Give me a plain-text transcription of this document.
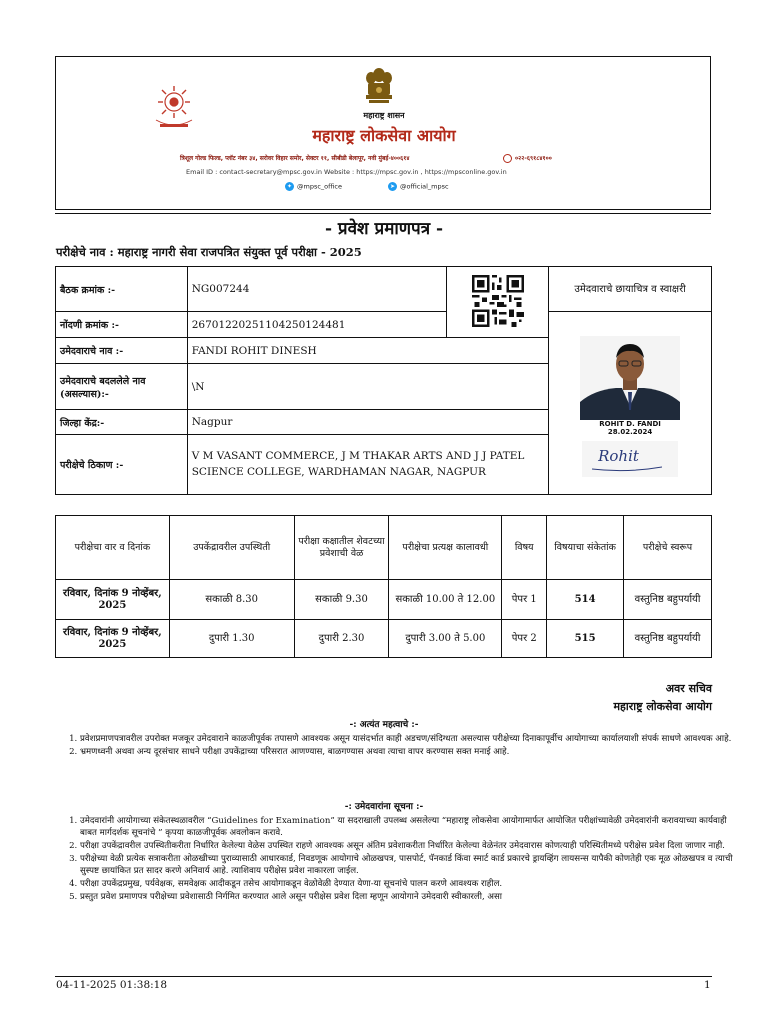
महाराष्ट्र शासन
महाराष्ट्र लोकसेवा आयोग
त्रिशूल गोल्ड फिल्ड, प्लॉट नंबर ३४, सरोवर विहार समोर, सेक्टर ११, सीबीडी बेलापूर, नवी मुंबई-४००६१४	०२२-६९१८४१००
Email ID : contact-secretary@mpsc.gov.in Website : https://mpsc.gov.in , https://mpsconline.gov.in
✦ @mpsc_office	➤ @official_mpsc
- प्रवेश प्रमाणपत्र -
परीक्षेचे नाव : महाराष्ट्र नागरी सेवा राजपत्रित संयुक्त पूर्व परीक्षा - 2025
बैठक क्रमांक :-	NG007244		उमेदवाराचे छायाचित्र व स्वाक्षरी
नोंदणी क्रमांक :-	2670122025110425012448​1		ROHIT D. FANDI
28.02.2024
Rohit

उमेदवाराचे नाव :-	FANDI ROHIT DINESH		
उमेदवाराचे बदललेले नाव (असल्यास):-	\N		
जिल्हा केंद्र:-	Nagpur		
परीक्षेचे ठिकाण :-	V M VASANT COMMERCE, J M THAKAR ARTS AND J J PATEL SCIENCE COLLEGE, WARDHAMAN NAGAR, NAGPUR		
परीक्षेचा वार व दिनांक	उपकेंद्रावरील उपस्थिती	परीक्षा कक्षातील शेवटच्या प्रवेशाची वेळ	परीक्षेचा प्रत्यक्ष कालावधी	विषय	विषयाचा संकेतांक	परीक्षेचे स्वरूप
रविवार, दिनांक 9 नोव्हेंबर, 2025	सकाळी 8.30	सकाळी 9.30	सकाळी 10.00 ते 12.00	पेपर 1	514	वस्तुनिष्ठ बहुपर्यायी
रविवार, दिनांक 9 नोव्हेंबर, 2025	दुपारी 1.30	दुपारी 2.30	दुपारी 3.00 ते 5.00	पेपर 2	515	वस्तुनिष्ठ बहुपर्यायी
अवर सचिव
महाराष्ट्र लोकसेवा आयोग
-: अत्यंत महत्वाचे :-
1. प्रवेशप्रमाणपत्रावरील उपरोक्त मजकूर उमेदवाराने काळजीपूर्वक तपासणे आवश्यक असून यासंदर्भात काही अडचण/संदिग्धता असल्यास परीक्षेच्या दिनाकापूर्वीच आयोगाच्या कार्यालयाशी संपर्क साधणे आवश्यक आहे.
2. भ्रमणध्वनी अथवा अन्य दूरसंचार साधने परीक्षा उपकेंद्राच्या परिसरात आणण्यास, बाळगण्यास अथवा त्याचा वापर करण्यास सक्त मनाई आहे.
-: उमेदवारांना सूचना :-
1. उमेदवारांनी आयोगाच्या संकेतस्थळावरील “Guidelines for Examination” या सदराखाली उपलब्ध असलेल्या “महाराष्ट्र लोकसेवा आयोगामार्फत आयोजित परीक्षांच्यावेळी उमेदवारांनी करावयाच्या कार्यवाही बाबत मार्गदर्शक सूचनांचे ” कृपया काळजीपूर्वक अवलोकन करावे.
2. परीक्षा उपकेंद्रावरील उपस्थितीकरीता निर्धारित केलेल्या वेळेस उपस्थित राहणे आवश्यक असून अंतिम प्रवेशाकरीता निर्धारित केलेल्या वेळेनंतर उमेदवारास कोणत्याही परिस्थितीमध्ये परीक्षेस प्रवेश दिला जाणार नाही.
3. परीक्षेच्या वेळी प्रत्येक सत्राकरीता ओळखीच्या पुराव्यासाठी आधारकार्ड, निवडणूक आयोगाचे ओळखपत्र, पासपोर्ट, पॅनकार्ड किंवा स्मार्ट कार्ड प्रकारचे ड्रायव्हिंग लायसन्स यापैकी कोणतेही एक मूळ ओळखपत्र व त्याची सुस्पष्ट छायांकित प्रत सादर करणे अनिवार्य आहे. त्याशिवाय परीक्षेस प्रवेश नाकारला जाईल.
4. परीक्षा उपकेंद्रप्रमुख, पर्यवेक्षक, समवेक्षक आदीकडून तसेच आयोगाकडून वेळोवेळी देण्यात येणा-या सूचनांचे पालन करणे आवश्यक राहील.
5. प्रस्तुत प्रवेश प्रमाणपत्र परीक्षेच्या प्रवेशासाठी निर्गमित करण्यात आले असून परीक्षेस प्रवेश दिला म्हणून आयोगाने उमेदवारी स्वीकारली, असा
04-11-2025 01:38:18	1
